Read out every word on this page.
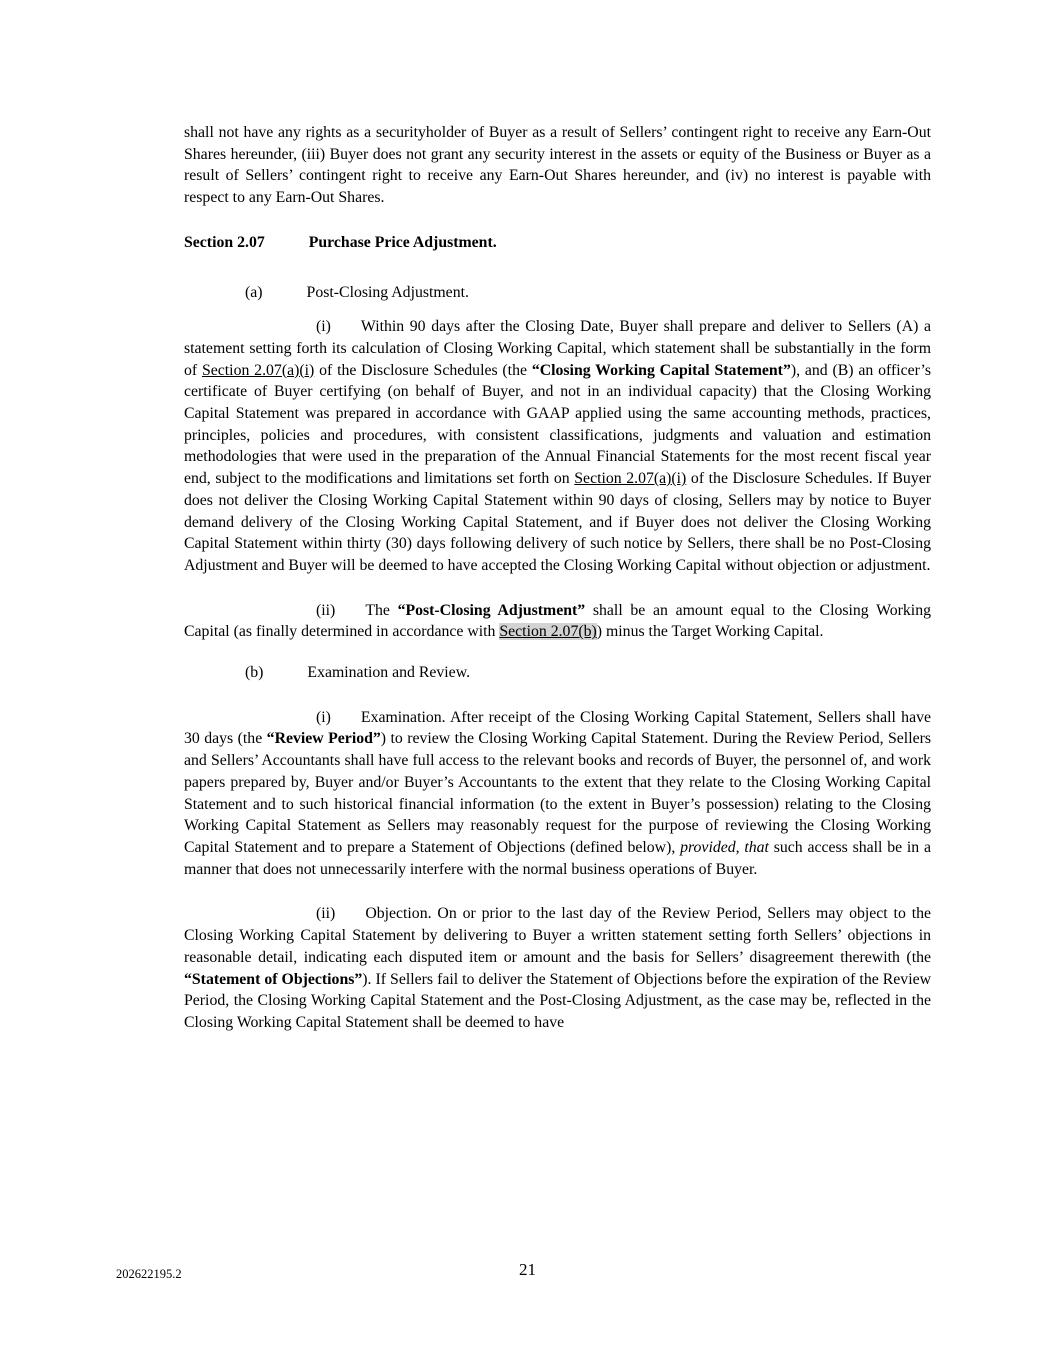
shall not have any rights as a securityholder of Buyer as a result of Sellers’ contingent right to receive any Earn-Out Shares hereunder, (iii) Buyer does not grant any security interest in the assets or equity of the Business or Buyer as a result of Sellers’ contingent right to receive any Earn-Out Shares hereunder, and (iv) no interest is payable with respect to any Earn-Out Shares.

Section 2.07	Purchase Price Adjustment.

(a)	Post-Closing Adjustment.

(i) Within 90 days after the Closing Date, Buyer shall prepare and deliver to Sellers (A) a statement setting forth its calculation of Closing Working Capital, which statement shall be substantially in the form of Section 2.07(a)(i) of the Disclosure Schedules (the “Closing Working Capital Statement”), and (B) an officer’s certificate of Buyer certifying (on behalf of Buyer, and not in an individual capacity) that the Closing Working Capital Statement was prepared in accordance with GAAP applied using the same accounting methods, practices, principles, policies and procedures, with consistent classifications, judgments and valuation and estimation methodologies that were used in the preparation of the Annual Financial Statements for the most recent fiscal year end, subject to the modifications and limitations set forth on Section 2.07(a)(i) of the Disclosure Schedules. If Buyer does not deliver the Closing Working Capital Statement within 90 days of closing, Sellers may by notice to Buyer demand delivery of the Closing Working Capital Statement, and if Buyer does not deliver the Closing Working Capital Statement within thirty (30) days following delivery of such notice by Sellers, there shall be no Post-Closing Adjustment and Buyer will be deemed to have accepted the Closing Working Capital without objection or adjustment.

(ii) The “Post-Closing Adjustment” shall be an amount equal to the Closing Working Capital (as finally determined in accordance with Section 2.07(b)) minus the Target Working Capital.

(b)	Examination and Review.

(i) Examination. After receipt of the Closing Working Capital Statement, Sellers shall have 30 days (the “Review Period”) to review the Closing Working Capital Statement. During the Review Period, Sellers and Sellers’ Accountants shall have full access to the relevant books and records of Buyer, the personnel of, and work papers prepared by, Buyer and/or Buyer’s Accountants to the extent that they relate to the Closing Working Capital Statement and to such historical financial information (to the extent in Buyer’s possession) relating to the Closing Working Capital Statement as Sellers may reasonably request for the purpose of reviewing the Closing Working Capital Statement and to prepare a Statement of Objections (defined below), provided, that such access shall be in a manner that does not unnecessarily interfere with the normal business operations of Buyer.

(ii) Objection. On or prior to the last day of the Review Period, Sellers may object to the Closing Working Capital Statement by delivering to Buyer a written statement setting forth Sellers’ objections in reasonable detail, indicating each disputed item or amount and the basis for Sellers’ disagreement therewith (the “Statement of Objections”). If Sellers fail to deliver the Statement of Objections before the expiration of the Review Period, the Closing Working Capital Statement and the Post-Closing Adjustment, as the case may be, reflected in the Closing Working Capital Statement shall be deemed to have

202622195.2	21
